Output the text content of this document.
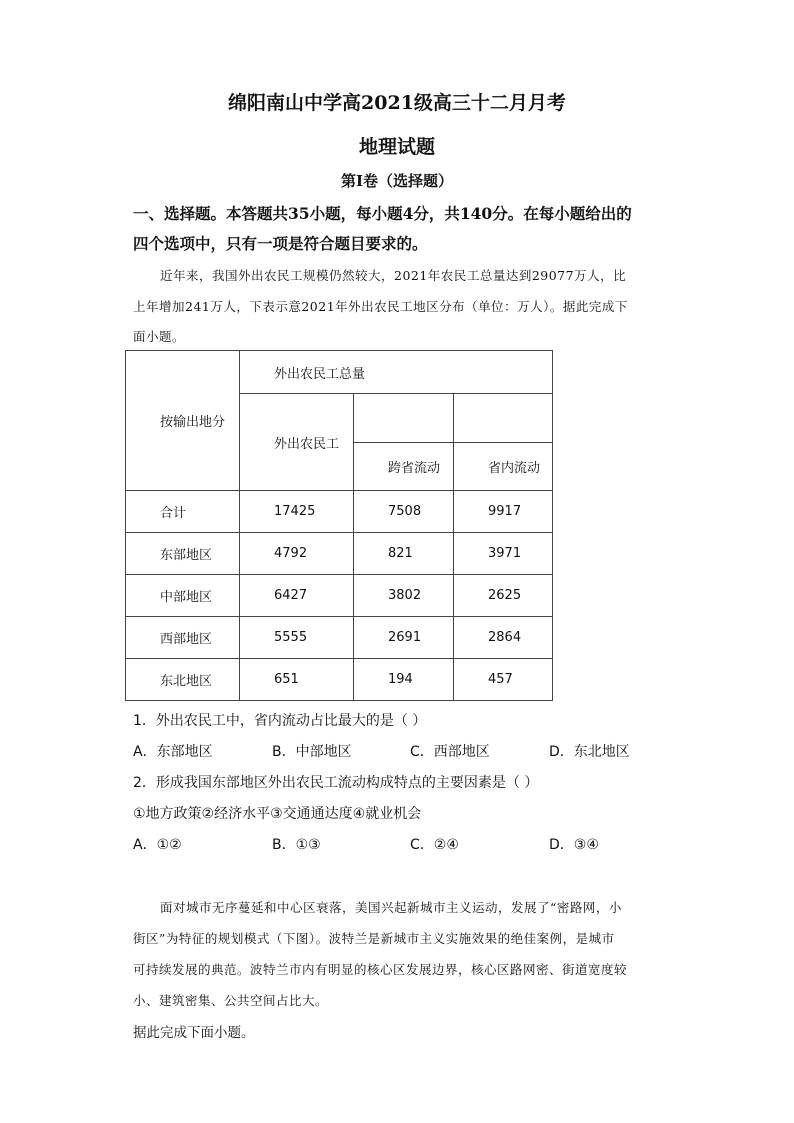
绵阳南山中学高2021级高三十二月月考
地理试题
第Ⅰ卷（选择题）
一、选择题。本答题共35小题，每小题4分，共140分。在每小题给出的
四个选项中，只有一项是符合题目要求的。
近年来，我国外出农民工规模仍然较大，2021年农民工总量达到29077万人，比
上年增加241万人，下表示意2021年外出农民工地区分布（单位：万人）。据此完成下
面小题。
按输出地分	外出农民工总量		
	外出农民工		
		跨省流动	省内流动
合计	17425	7508	9917
东部地区	4792	821	3971
中部地区	6427	3802	2625
西部地区	5555	2691	2864
东北地区	651	194	457
1．外出农民工中，省内流动占比最大的是（ ）
A．东部地区	B．中部地区	C．西部地区	D．东北地区
2．形成我国东部地区外出农民工流动构成特点的主要因素是（ ）
①地方政策②经济水平③交通通达度④就业机会
A．①②	B．①③	C．②④	D．③④
面对城市无序蔓延和中心区衰落，美国兴起新城市主义运动，发展了“密路网，小
街区”为特征的规划模式（下图）。波特兰是新城市主义实施效果的绝佳案例，是城市
可持续发展的典范。波特兰市内有明显的核心区发展边界，核心区路网密、街道宽度较
小、建筑密集、公共空间占比大。
据此完成下面小题。
